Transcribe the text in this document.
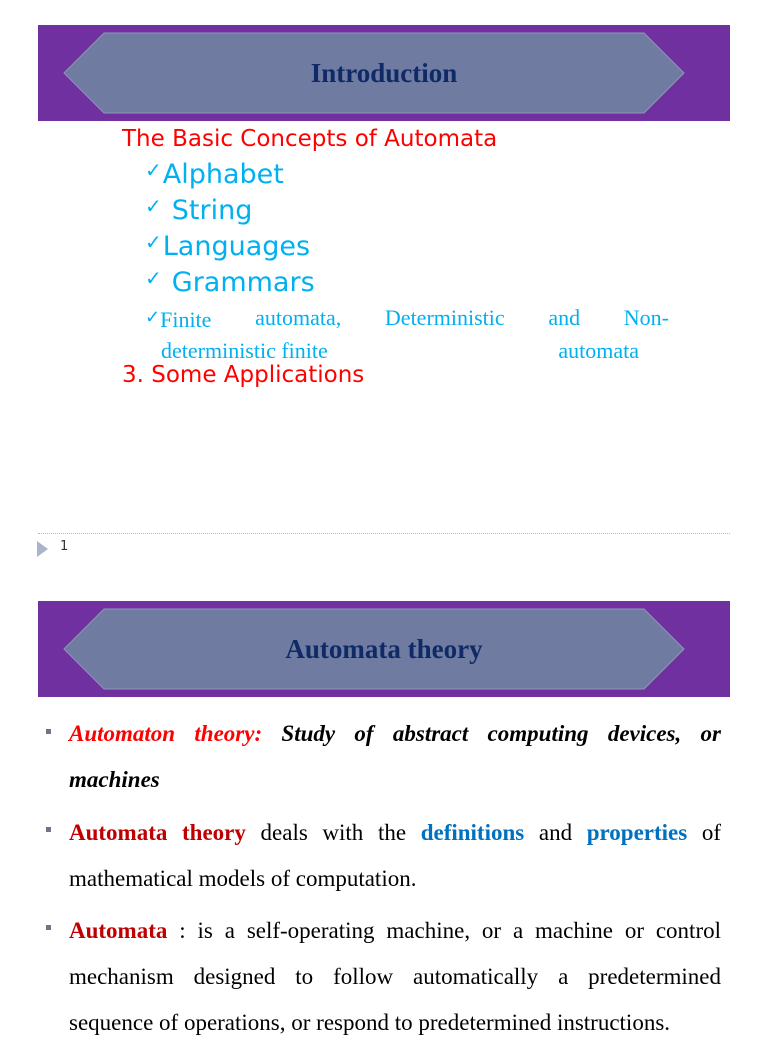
Introduction
The Basic Concepts of Automata
✓Alphabet
✓ String
✓Languages
✓ Grammars
✓Finite automata, Deterministic and Non-
deterministic finite	automata
3. Some Applications
1
Automata theory
Automaton theory: Study of abstract computing devices, or machines
Automata theory deals with the definitions and properties of mathematical models of computation.
Automata : is a self-operating machine, or a machine or control mechanism designed to follow automatically a predetermined sequence of operations, or respond to predetermined instructions.
